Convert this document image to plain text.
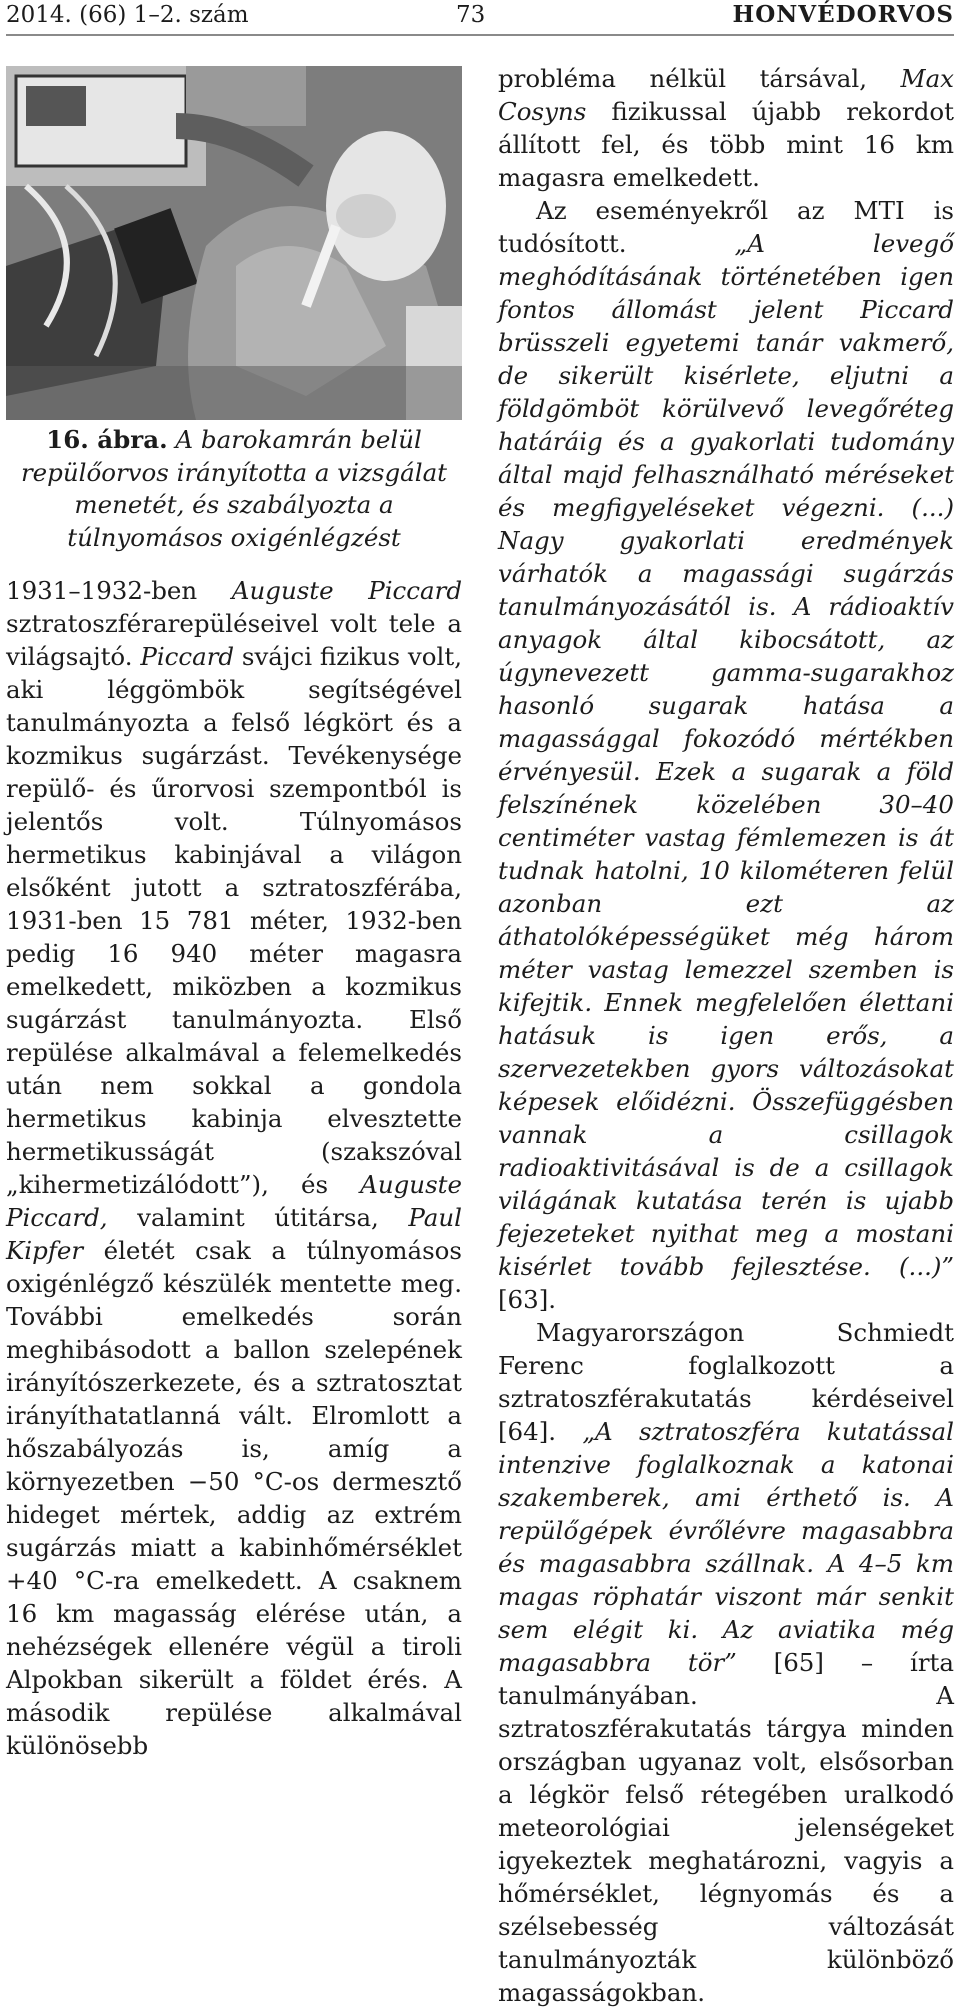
2014. (66) 1–2. szám	73	HONVÉDORVOS
16. ábra. A barokamrán belül repülőorvos irányította a vizsgálat menetét, és szabályozta a túlnyomásos oxigénlégzést

1931–1932-ben Auguste Piccard sztratoszférarepüléseivel volt tele a világsajtó. Piccard svájci fizikus volt, aki léggömbök segítségével tanulmányozta a felső légkört és a kozmikus sugárzást. Tevékenysége repülő- és űrorvosi szempontból is jelentős volt. Túlnyomásos hermetikus kabinjával a világon elsőként jutott a sztratoszférába, 1931-ben 15 781 méter, 1932-ben pedig 16 940 méter magasra emelkedett, miközben a kozmikus sugárzást tanulmányozta. Első repülése alkalmával a felemelkedés után nem sokkal a gondola hermetikus kabinja elvesztette hermetikusságát (szakszóval „kihermetizálódott”), és Auguste Piccard, valamint útitársa, Paul Kipfer életét csak a túlnyomásos oxigénlégző készülék mentette meg. További emelkedés során meghibásodott a ballon szelepének irányítószerkezete, és a sztratosztat irányíthatatlanná vált. Elromlott a hőszabályozás is, amíg a környezetben −50 °C-os dermesztő hideget mértek, addig az extrém sugárzás miatt a kabinhőmérséklet +40 °C-ra emelkedett. A csaknem 16 km magasság elérése után, a nehézségek ellenére végül a tiroli Alpokban sikerült a földet érés. A második repülése alkalmával különösebb

probléma nélkül társával, Max Cosyns fizikussal újabb rekordot állított fel, és több mint 16 km magasra emelkedett.

Az eseményekről az MTI is tudósított. „A levegő meghódításának történetében igen fontos állomást jelent Piccard brüsszeli egyetemi tanár vakmerő, de sikerült kisérlete, eljutni a földgömböt körülvevő levegőréteg határáig és a gyakorlati tudomány által majd felhasználható méréseket és megfigyeléseket végezni. (...) Nagy gyakorlati eredmények várhatók a magassági sugárzás tanulmányozásától is. A rádioaktív anyagok által kibocsátott, az úgynevezett gamma-sugarakhoz hasonló sugarak hatása a magassággal fokozódó mértékben érvényesül. Ezek a sugarak a föld felszínének közelében 30–40 centiméter vastag fémlemezen is át tudnak hatolni, 10 kilométeren felül azonban ezt az áthatolóképességüket még három méter vastag lemezzel szemben is kifejtik. Ennek megfelelően élettani hatásuk is igen erős, a szervezetekben gyors változásokat képesek előidézni. Összefüggésben vannak a csillagok radioaktivitásával is de a csillagok világának kutatása terén is ujabb fejezeteket nyithat meg a mostani kisérlet tovább fejlesztése. (...)” [63].

Magyarországon Schmiedt Ferenc foglalkozott a sztratoszférakutatás kérdéseivel [64]. „A sztratoszféra kutatással intenzive foglalkoznak a katonai szakemberek, ami érthető is. A repülőgépek évrőlévre magasabbra és magasabbra szállnak. A 4–5 km magas röphatár viszont már senkit sem elégit ki. Az aviatika még magasabbra tör” [65] – írta tanulmányában. A sztratoszférakutatás tárgya minden országban ugyanaz volt, elsősorban a légkör felső rétegében uralkodó meteorológiai jelenségeket igyekeztek meghatározni, vagyis a hőmérséklet, légnyomás és a szélsebesség változását tanulmányozták különböző magasságokban.
